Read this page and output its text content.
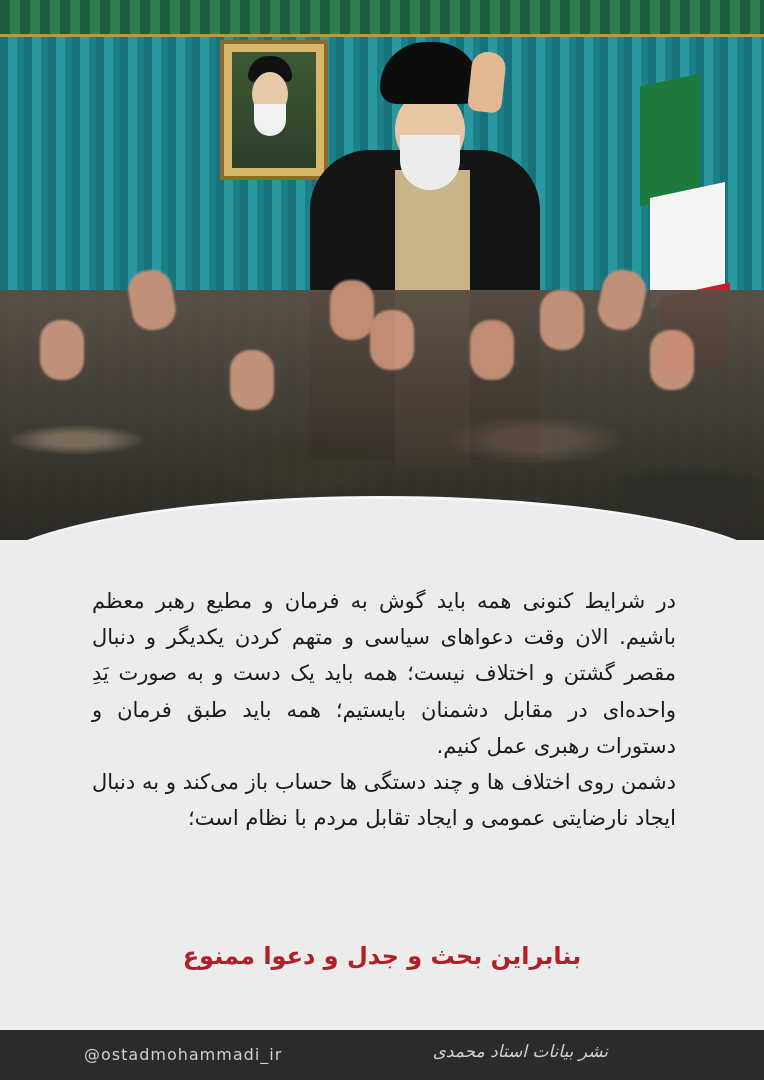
در شرایط کنونی همه باید گوش به فرمان و مطیع رهبر معظم باشیم. الان وقت دعواهای سیاسی و متهم کردن یکدیگر و دنبال مقصر گشتن و اختلاف نیست؛ همه باید یک دست و به صورت یَدِ واحده‌ای در مقابل دشمنان بایستیم؛ همه باید طبق فرمان و دستورات رهبری عمل کنیم.

دشمن روی اختلاف ها و چند دستگی ها حساب باز می‌کند و به دنبال ایجاد نارضایتی عمومی و ایجاد تقابل مردم با نظام است؛

بنابراین بحث و جدل و دعوا ممنوع
@ostadmohammadi_ir	نشر بیانات استاد محمدی
